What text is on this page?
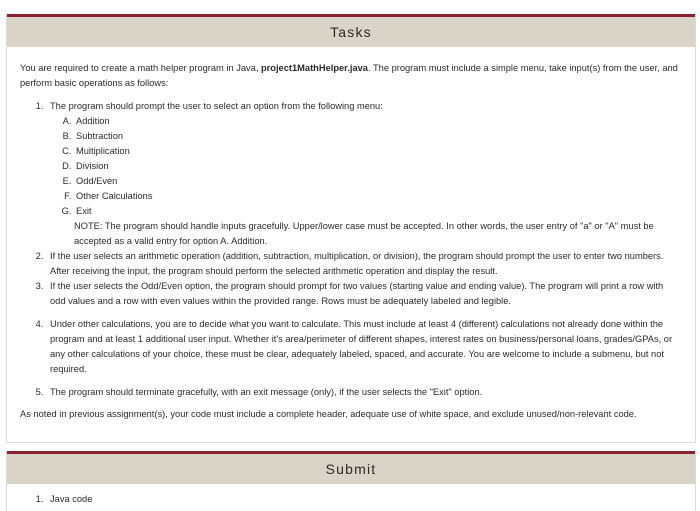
Tasks

You are required to create a math helper program in Java, project1MathHelper.java. The program must include a simple menu, take input(s) from the user, and perform basic operations as follows:

1. The program should prompt the user to select an option from the following menu:
A. Addition
B. Subtraction
C. Multiplication
D. Division
E. Odd/Even
F. Other Calculations
G. Exit
NOTE: The program should handle inputs gracefully. Upper/lower case must be accepted. In other words, the user entry of "a" or "A" must be accepted as a valid entry for option A. Addition.
2. If the user selects an arithmetic operation (addition, subtraction, multiplication, or division), the program should prompt the user to enter two numbers. After receiving the input, the program should perform the selected arithmetic operation and display the result.
3. If the user selects the Odd/Even option, the program should prompt for two values (starting value and ending value). The program will print a row with odd values and a row with even values within the provided range. Rows must be adequately labeled and legible.
4. Under other calculations, you are to decide what you want to calculate. This must include at least 4 (different) calculations not already done within the program and at least 1 additional user input. Whether it's area/perimeter of different shapes, interest rates on business/personal loans, grades/GPAs, or any other calculations of your choice, these must be clear, adequately labeled, spaced, and accurate. You are welcome to include a submenu, but not required.
5. The program should terminate gracefully, with an exit message (only), if the user selects the "Exit" option.

As noted in previous assignment(s), your code must include a complete header, adequate use of white space, and exclude unused/non-relevant code.

Submit
1. Java code
